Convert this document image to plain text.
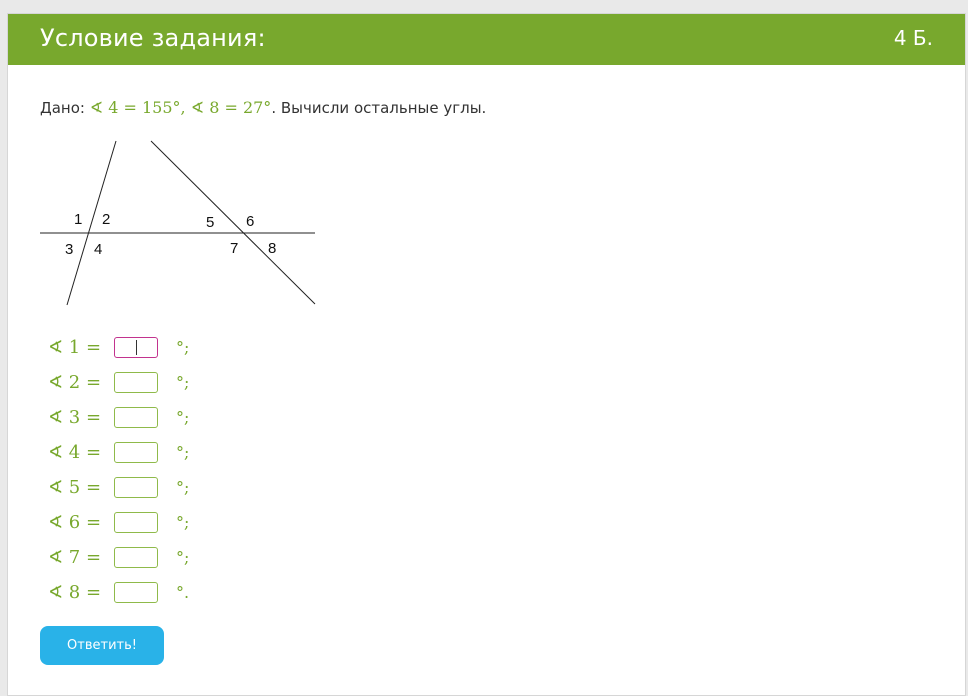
Условие задания:	4 Б.
Дано: ∢ 4 = 155°, ∢ 8 = 27°. Вычисли остальные углы.
1 2
3 4
5 6
7 8
∢ 1 =	°;
∢ 2 =	°;
∢ 3 =	°;
∢ 4 =	°;
∢ 5 =	°;
∢ 6 =	°;
∢ 7 =	°;
∢ 8 =	°.
Ответить!
